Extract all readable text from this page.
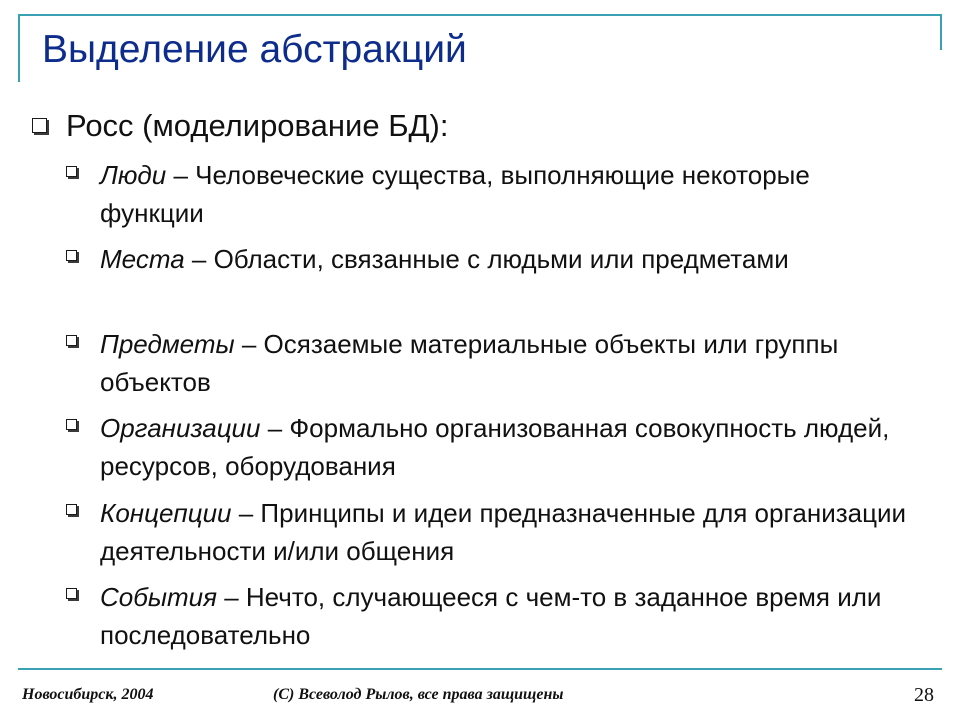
Выделение абстракций
Росс (моделирование БД):
Люди – Человеческие существа, выполняющие некоторые функции
Места – Области, связанные с людьми или предметами
Предметы – Осязаемые материальные объекты или группы объектов
Организации – Формально организованная совокупность людей, ресурсов, оборудования
Концепции – Принципы и идеи предназначенные для организации деятельности и/или общения
События – Нечто, случающееся с чем-то в заданное время или последовательно
Новосибирск, 2004	(С) Всеволод Рылов, все права защищены	28
